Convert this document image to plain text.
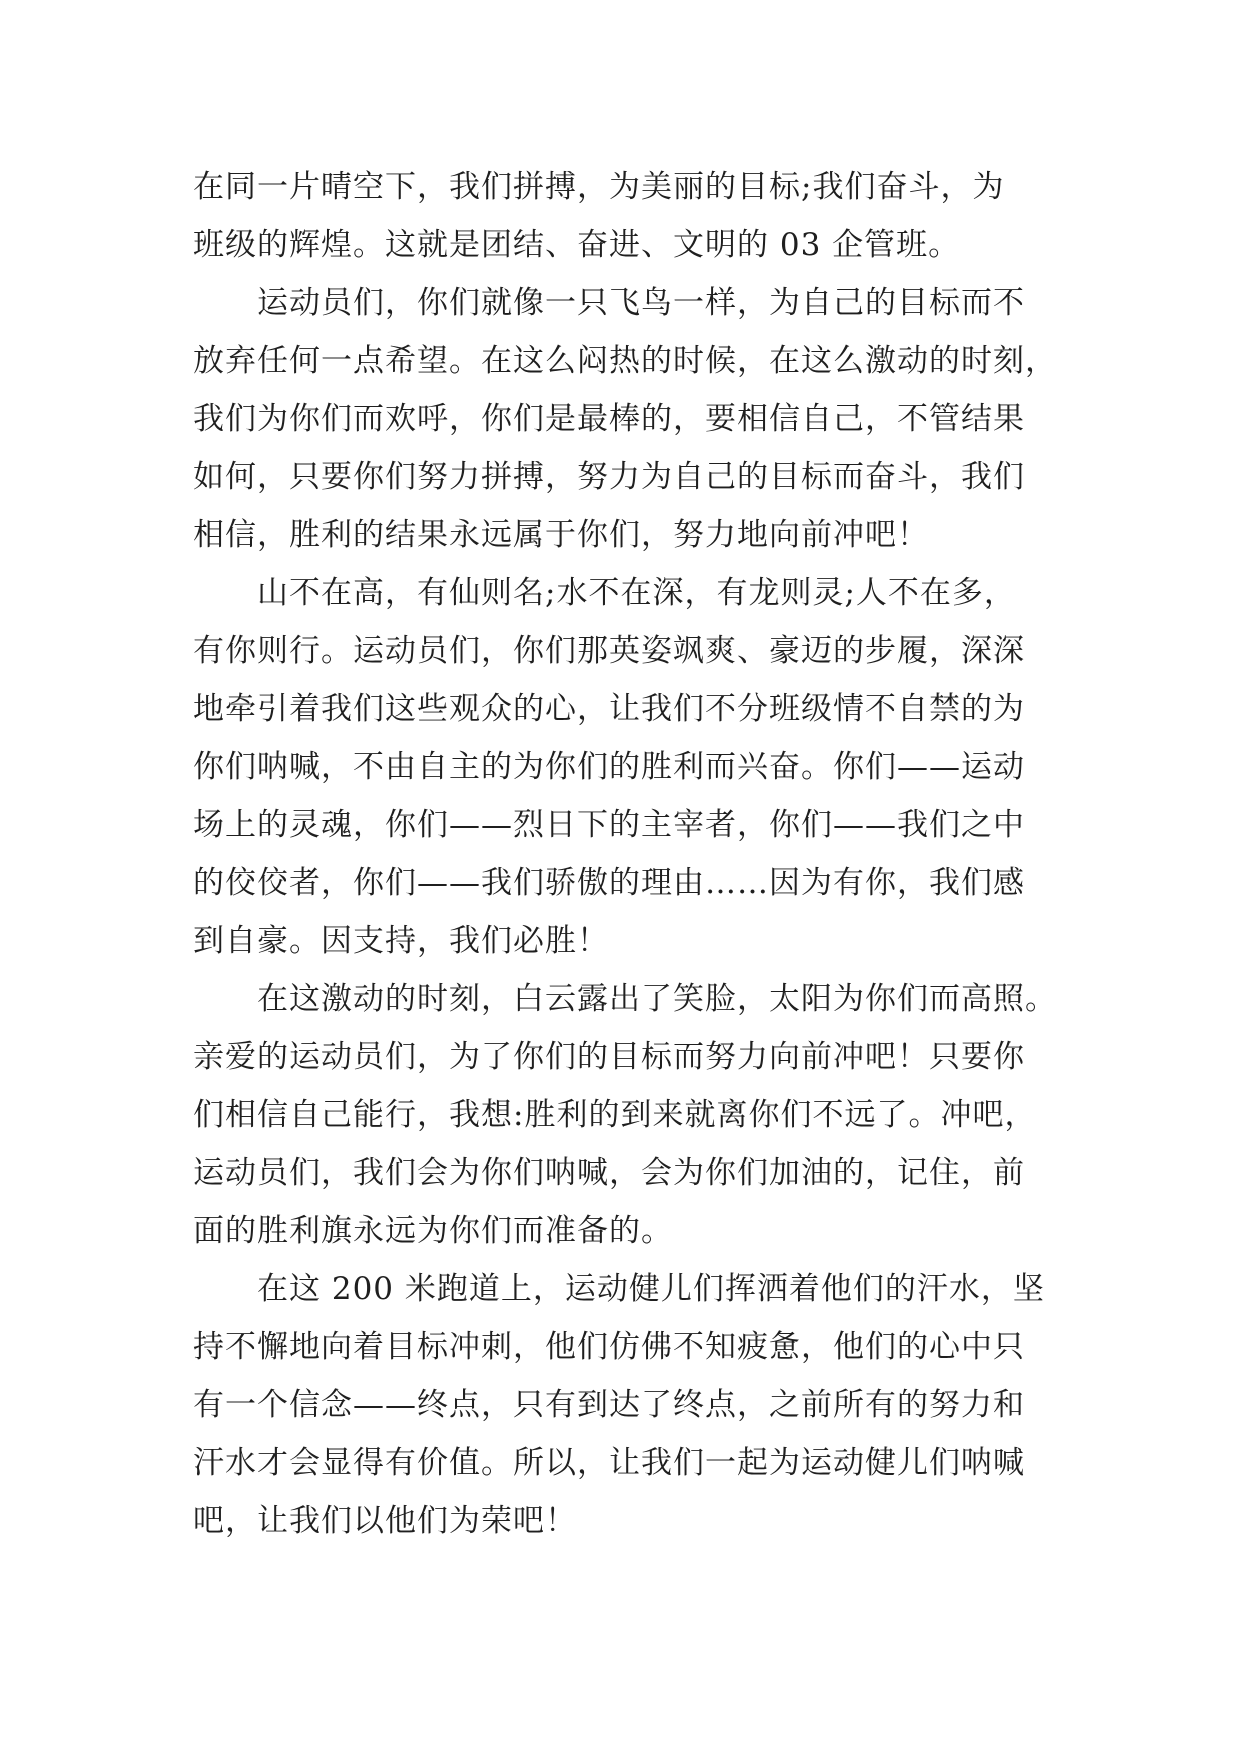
在同一片晴空下，我们拼搏，为美丽的目标;我们奋斗，为
班级的辉煌。这就是团结、奋进、文明的 03 企管班。
　　运动员们，你们就像一只飞鸟一样，为自己的目标而不
放弃任何一点希望。在这么闷热的时候，在这么激动的时刻，
我们为你们而欢呼，你们是最棒的，要相信自己，不管结果
如何，只要你们努力拼搏，努力为自己的目标而奋斗，我们
相信，胜利的结果永远属于你们，努力地向前冲吧！
　　山不在高，有仙则名;水不在深，有龙则灵;人不在多，
有你则行。运动员们，你们那英姿飒爽、豪迈的步履，深深
地牵引着我们这些观众的心，让我们不分班级情不自禁的为
你们呐喊，不由自主的为你们的胜利而兴奋。你们——运动
场上的灵魂，你们——烈日下的主宰者，你们——我们之中
的佼佼者，你们——我们骄傲的理由……因为有你，我们感
到自豪。因支持，我们必胜！
　　在这激动的时刻，白云露出了笑脸，太阳为你们而高照。
亲爱的运动员们，为了你们的目标而努力向前冲吧！只要你
们相信自己能行，我想:胜利的到来就离你们不远了。冲吧，
运动员们，我们会为你们呐喊，会为你们加油的，记住，前
面的胜利旗永远为你们而准备的。
　　在这 200 米跑道上，运动健儿们挥洒着他们的汗水，坚
持不懈地向着目标冲刺，他们仿佛不知疲惫，他们的心中只
有一个信念——终点，只有到达了终点，之前所有的努力和
汗水才会显得有价值。所以，让我们一起为运动健儿们呐喊
吧，让我们以他们为荣吧！
